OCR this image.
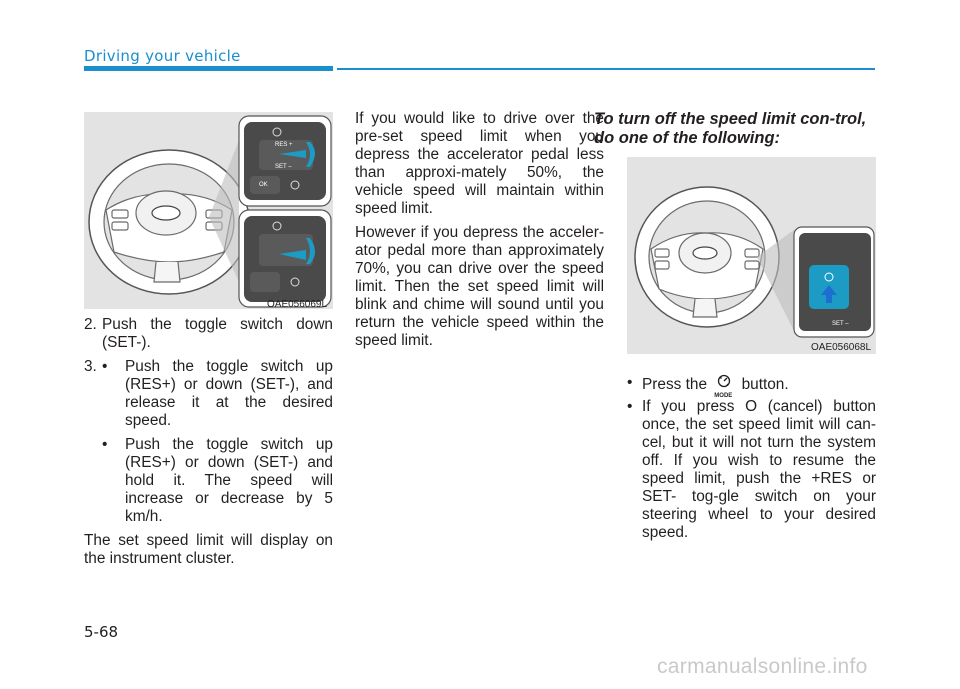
Driving your vehicle
RES +
SET –
OK
OAE056069L
2. Push the toggle switch down (SET-).
3. • Push the toggle switch up (RES+) or down (SET-), and release it at the desired speed.
• Push the toggle switch up (RES+) or down (SET-) and hold it. The speed will increase or decrease by 5 km/h.

The set speed limit will display on the instrument cluster.

If you would like to drive over the pre-set speed limit when you depress the accelerator pedal less than approxi-mately 50%, the vehicle speed will maintain within speed limit.

However if you depress the acceler-ator pedal more than approximately 70%, you can drive over the speed limit. Then the set speed limit will blink and chime will sound until you return the vehicle speed within the speed limit.

To turn off the speed limit con-trol, do one of the following:
SET –
OAE056068L
• Press the
MODE
button.
• If you press O (cancel) button once, the set speed limit will can-cel, but it will not turn the system off. If you wish to resume the speed limit, push the +RES or SET- tog-gle switch on your steering wheel to your desired speed.
5-68
carmanualsonline.info
